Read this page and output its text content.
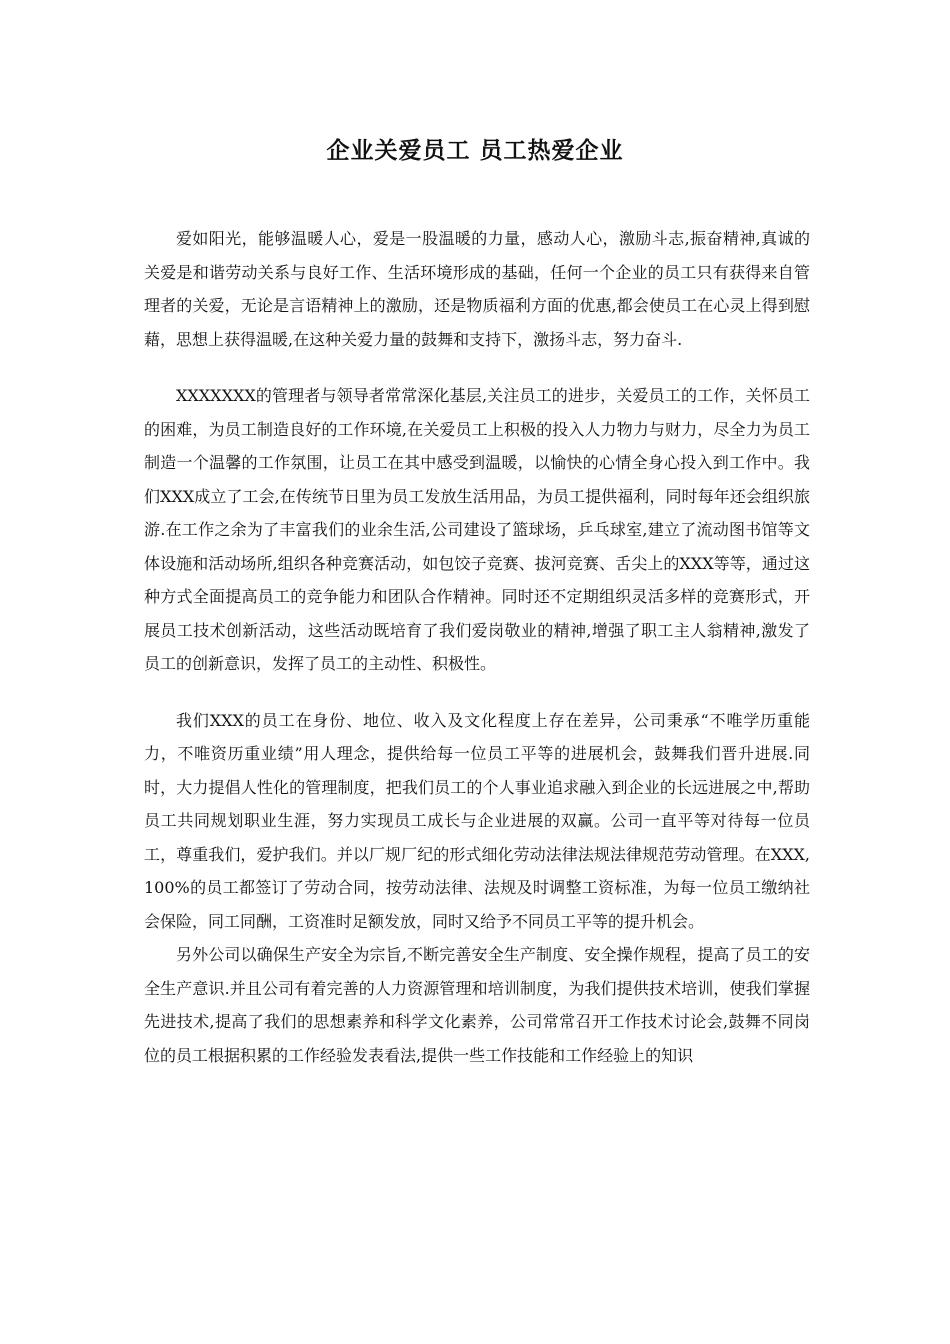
企业关爱员工 员工热爱企业

爱如阳光，能够温暖人心，爱是一股温暖的力量，感动人心，激励斗志,振奋精神,真诚的关爱是和谐劳动关系与良好工作、生活环境形成的基础，任何一个企业的员工只有获得来自管理者的关爱，无论是言语精神上的激励，还是物质福利方面的优惠,都会使员工在心灵上得到慰藉，思想上获得温暖,在这种关爱力量的鼓舞和支持下，激扬斗志，努力奋斗.

XXXXXXX的管理者与领导者常常深化基层,关注员工的进步，关爱员工的工作，关怀员工的困难，为员工制造良好的工作环境,在关爱员工上积极的投入人力物力与财力，尽全力为员工制造一个温馨的工作氛围，让员工在其中感受到温暖，以愉快的心情全身心投入到工作中。我们XXX成立了工会,在传统节日里为员工发放生活用品，为员工提供福利，同时每年还会组织旅游.在工作之余为了丰富我们的业余生活,公司建设了篮球场，乒乓球室,建立了流动图书馆等文体设施和活动场所,组织各种竞赛活动，如包饺子竞赛、拔河竞赛、舌尖上的XXX等等，通过这种方式全面提高员工的竞争能力和团队合作精神。同时还不定期组织灵活多样的竞赛形式，开展员工技术创新活动，这些活动既培育了我们爱岗敬业的精神,增强了职工主人翁精神,激发了员工的创新意识，发挥了员工的主动性、积极性。

我们XXX的员工在身份、地位、收入及文化程度上存在差异，公司秉承“不唯学历重能力，不唯资历重业绩”用人理念，提供给每一位员工平等的进展机会，鼓舞我们晋升进展.同时，大力提倡人性化的管理制度，把我们员工的个人事业追求融入到企业的长远进展之中,帮助员工共同规划职业生涯，努力实现员工成长与企业进展的双赢。公司一直平等对待每一位员工，尊重我们，爱护我们。并以厂规厂纪的形式细化劳动法律法规法律规范劳动管理。在XXX,100%的员工都签订了劳动合同，按劳动法律、法规及时调整工资标准，为每一位员工缴纳社会保险，同工同酬，工资准时足额发放，同时又给予不同员工平等的提升机会。

另外公司以确保生产安全为宗旨,不断完善安全生产制度、安全操作规程，提高了员工的安全生产意识.并且公司有着完善的人力资源管理和培训制度，为我们提供技术培训，使我们掌握先进技术,提高了我们的思想素养和科学文化素养，公司常常召开工作技术讨论会,鼓舞不同岗位的员工根据积累的工作经验发表看法,提供一些工作技能和工作经验上的知识
